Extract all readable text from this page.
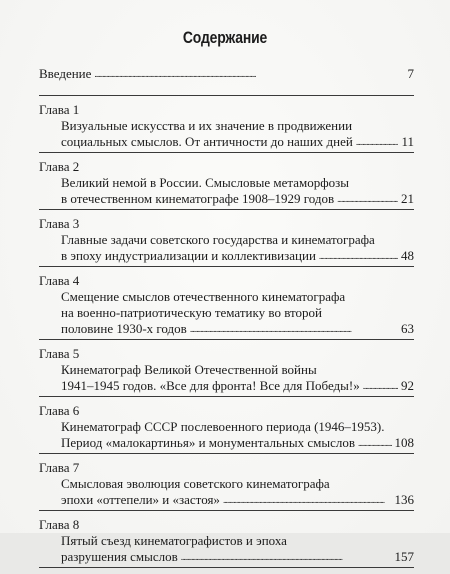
Содержание
Введение . . .	7
Глава 1
Визуальные искусства и их значение в продвижении
социальных смыслов. От античности до наших дней . . .	11
Глава 2
Великий немой в России. Смысловые метаморфозы
в отечественном кинематографе 1908–1929 годов . . .	21
Глава 3
Главные задачи советского государства и кинематографа
в эпоху индустриализации и коллективизации . . .	48
Глава 4
Смещение смыслов отечественного кинематографа
на военно-патриотическую тематику во второй
половине 1930-х годов . . .	63
Глава 5
Кинематограф Великой Отечественной войны
1941–1945 годов. «Все для фронта! Все для Победы!» . . .	92
Глава 6
Кинематограф СССР послевоенного периода (1946–1953).
Период «малокартинья» и монументальных смыслов . . .	108
Глава 7
Смысловая эволюция советского кинематографа
эпохи «оттепели» и «застоя» . . .	136
Глава 8
Пятый съезд кинематографистов и эпоха
разрушения смыслов . . .	157
